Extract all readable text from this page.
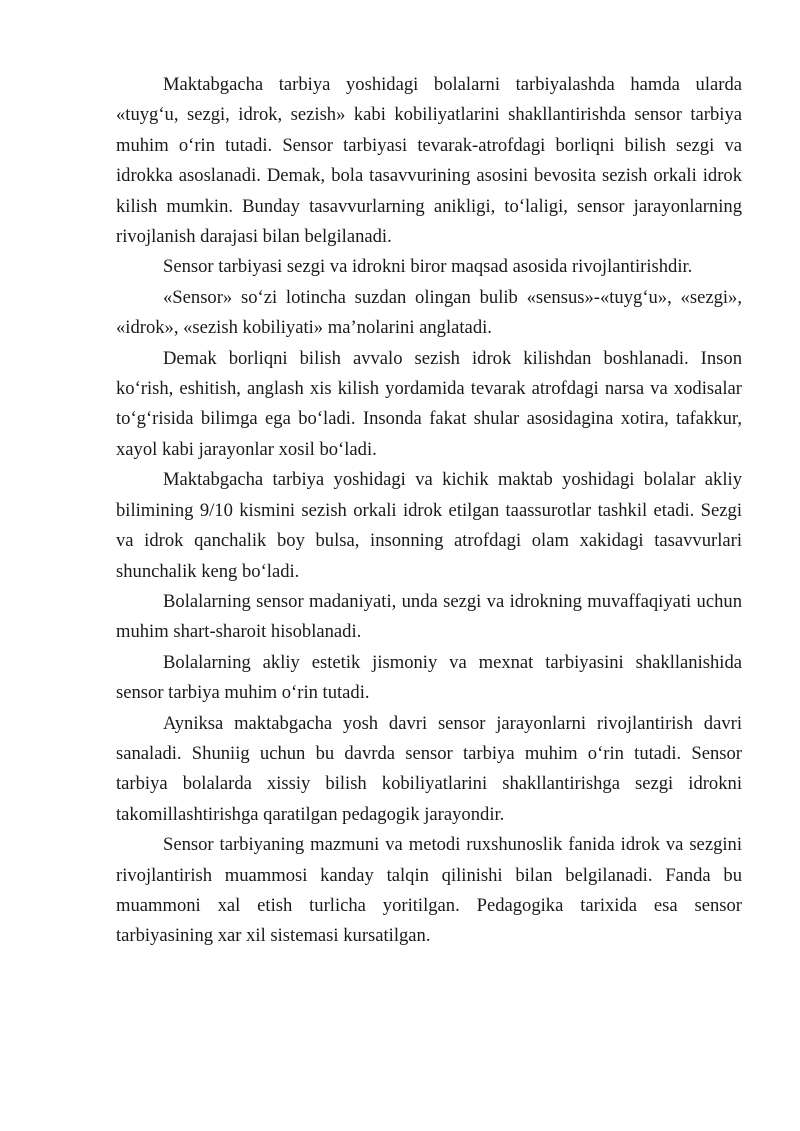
Maktabgacha tarbiya yoshidagi bolalarni tarbiyalashda hamda ularda «tuyg‘u, sezgi, idrok, sezish» kabi kobiliyatlarini shakllantirishda sensor tarbiya muhim o‘rin tutadi. Sensor tarbiyasi tevarak-atrofdagi borliqni bilish sezgi va idrokka asoslanadi. Demak, bola tasavvurining asosini bevosita sezish orkali idrok kilish mumkin. Bunday tasavvurlarning anikligi, to‘laligi, sensor jarayonlarning rivojlanish darajasi bilan belgilanadi.

Sensor tarbiyasi sezgi va idrokni biror maqsad asosida rivojlantirishdir.

«Sensor» so‘zi lotincha suzdan olingan bulib «sensus»-«tuyg‘u», «sezgi», «idrok», «sezish kobiliyati» ma’nolarini anglatadi.

Demak borliqni bilish avvalo sezish idrok kilishdan boshlanadi. Inson ko‘rish, eshitish, anglash xis kilish yordamida tevarak atrofdagi narsa va xodisalar to‘g‘risida bilimga ega bo‘ladi. Insonda fakat shular asosidagina xotira, tafakkur, xayol kabi jarayonlar xosil bo‘ladi.

Maktabgacha tarbiya yoshidagi va kichik maktab yoshidagi bolalar akliy bilimining 9/10 kismini sezish orkali idrok etilgan taassurotlar tashkil etadi. Sezgi va idrok qanchalik boy bulsa, insonning atrofdagi olam xakidagi tasavvurlari shunchalik keng bo‘ladi.

Bolalarning sensor madaniyati, unda sezgi va idrokning muvaffaqiyati uchun muhim shart-sharoit hisoblanadi.

Bolalarning akliy estetik jismoniy va mexnat tarbiyasini shakllanishida sensor tarbiya muhim o‘rin tutadi.

Ayniksa maktabgacha yosh davri sensor jarayonlarni rivojlantirish davri sanaladi. Shuniig uchun bu davrda sensor tarbiya muhim o‘rin tutadi. Sensor tarbiya bolalarda xissiy bilish kobiliyatlarini shakllantirishga sezgi idrokni takomillashtirishga qaratilgan pedagogik jarayondir.

Sensor tarbiyaning mazmuni va metodi ruxshunoslik fanida idrok va sezgini rivojlantirish muammosi kanday talqin qilinishi bilan belgilanadi. Fanda bu muammoni xal etish turlicha yoritilgan. Pedagogika tarixida esa sensor tarbiyasining xar xil sistemasi kursatilgan.
